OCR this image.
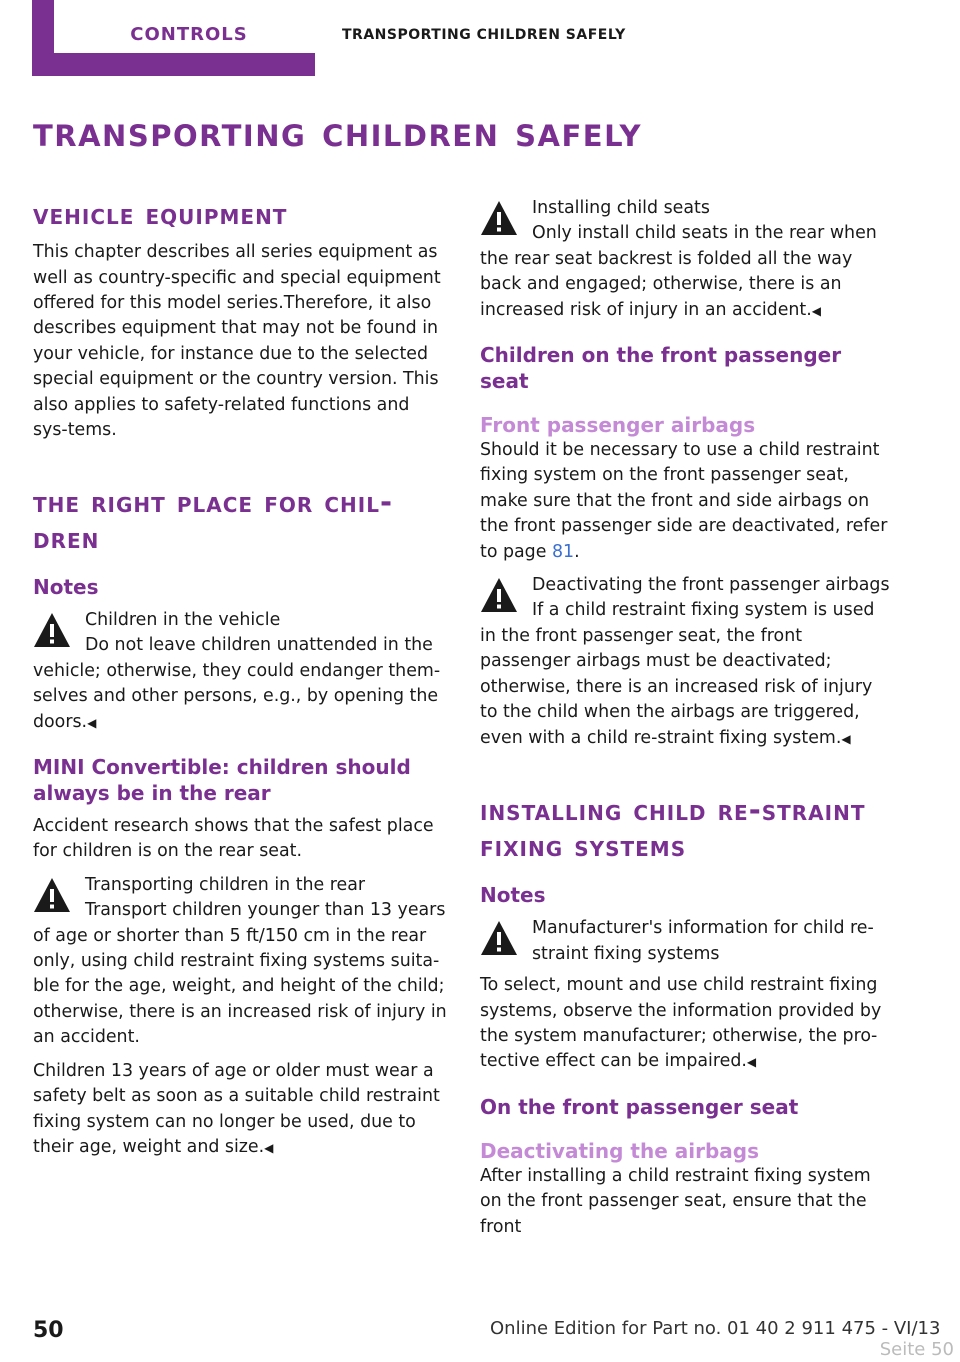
CONTROLS	TRANSPORTING CHILDREN SAFELY
transporting children safely
vehicle equipment

This chapter describes all series equipment as well as country-specific and special equipment offered for this model series.Therefore, it also describes equipment that may not be found in your vehicle, for instance due to the selected special equipment or the country version. This also applies to safety-related functions and sys‐tems.

the right place for chil‐dren
Notes

Children in the vehicle
Do not leave children unattended in the vehicle; otherwise, they could endanger them‐selves and other persons, e.g., by opening the doors.◀

MINI Convertible: children should always be in the rear

Accident research shows that the safest place for children is on the rear seat.

Transporting children in the rear
Transport children younger than 13 years of age or shorter than 5 ft/150 cm in the rear only, using child restraint fixing systems suita‐ble for the age, weight, and height of the child; otherwise, there is an increased risk of injury in an accident.

Children 13 years of age or older must wear a safety belt as soon as a suitable child restraint fixing system can no longer be used, due to their age, weight and size.◀

Installing child seats
Only install child seats in the rear when the rear seat backrest is folded all the way back and engaged; otherwise, there is an increased risk of injury in an accident.◀

Children on the front passenger seat
Front passenger airbags

Should it be necessary to use a child restraint fixing system on the front passenger seat, make sure that the front and side airbags on the front passenger side are deactivated, refer to page 81.

Deactivating the front passenger airbags
If a child restraint fixing system is used in the front passenger seat, the front passenger airbags must be deactivated; otherwise, there is an increased risk of injury to the child when the airbags are triggered, even with a child re‐straint fixing system.◀

installing child re‐straint fixing systems
Notes

Manufacturer's information for child re‐straint fixing systems

To select, mount and use child restraint fixing systems, observe the information provided by the system manufacturer; otherwise, the pro‐tective effect can be impaired.◀

On the front passenger seat
Deactivating the airbags

After installing a child restraint fixing system on the front passenger seat, ensure that the front

50	Online Edition for Part no. 01 40 2 911 475 - VI/13
Seite 50
